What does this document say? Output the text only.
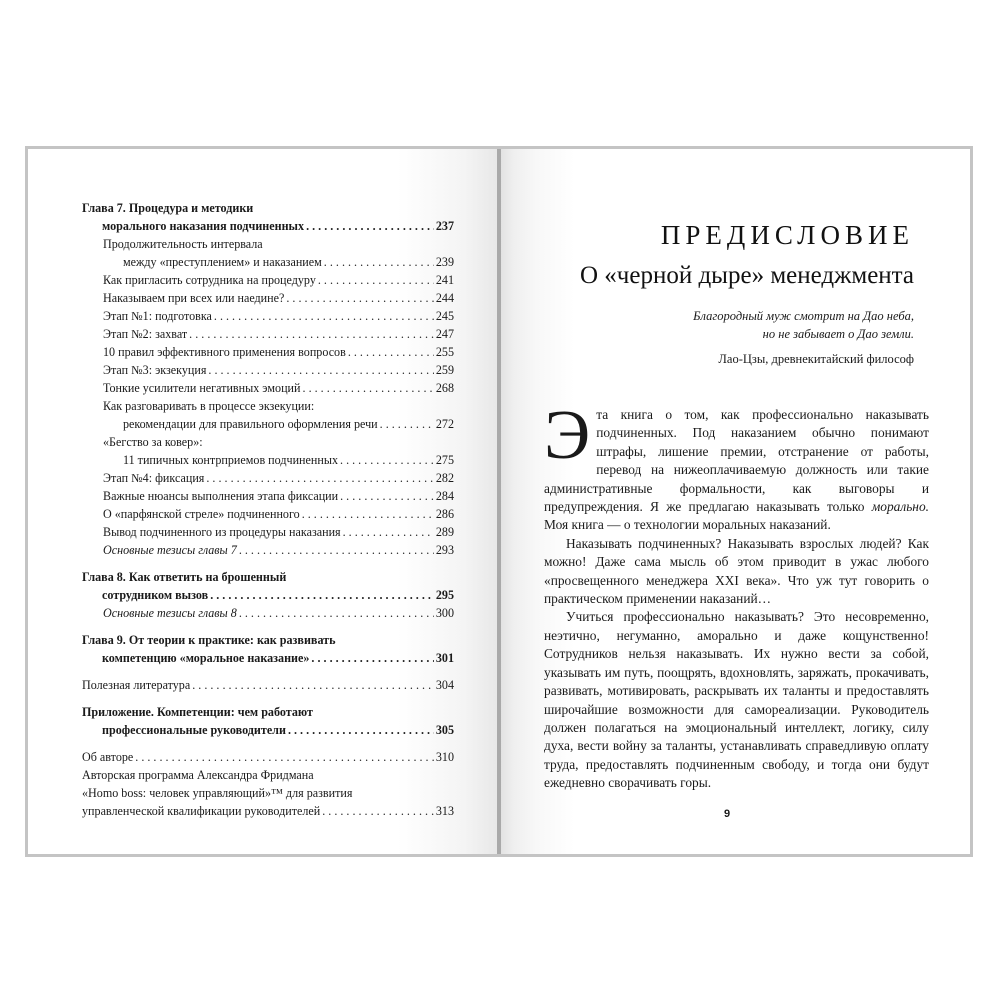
Глава 7. Процедура и методики
морального наказания подчиненных . . .	237
Продолжительность интервала
между «преступлением» и наказанием . . .	239
Как пригласить сотрудника на процедуру . . .	241
Наказываем при всех или наедине? . . .	244
Этап №1: подготовка . . .	245
Этап №2: захват . . .	247
10 правил эффективного применения вопросов . . .	255
Этап №3: экзекуция . . .	259
Тонкие усилители негативных эмоций . . .	268
Как разговаривать в процессе экзекуции:
рекомендации для правильного оформления речи . . .	272
«Бегство за ковер»:
11 типичных контрприемов подчиненных . . .	275
Этап №4: фиксация . . .	282
Важные нюансы выполнения этапа фиксации . . .	284
О «парфянской стреле» подчиненного . . .	286
Вывод подчиненного из процедуры наказания . . .	289
Основные тезисы главы 7 . . .	293
Глава 8. Как ответить на брошенный
сотрудником вызов . . .	295
Основные тезисы главы 8 . . .	300
Глава 9. От теории к практике: как развивать
компетенцию «моральное наказание» . . .	301
Полезная литература . . .	304
Приложение. Компетенции: чем работают
профессиональные руководители . . .	305
Об авторе . . .	310
Авторская программа Александра Фридмана
«Homo boss: человек управляющий»™ для развития
управленческой квалификации руководителей . . .	313
ПРЕДИСЛОВИЕ
О «черной дыре» менеджмента
Благородный муж смотрит на Дао неба,
но не забывает о Дао земли.
Лао-Цзы, древнекитайский философ

Эта книга о том, как профессионально наказывать подчиненных. Под наказанием обычно понимают штрафы, лишение премии, отстранение от работы, перевод на нижеоплачиваемую должность или такие административные формальности, как выговоры и предупреждения. Я же предлагаю наказывать только морально. Моя книга — о технологии моральных наказаний.

Наказывать подчиненных? Наказывать взрослых людей? Как можно! Даже сама мысль об этом приводит в ужас любого «просвещенного менеджера XXI века». Что уж тут говорить о практическом применении наказаний…

Учиться профессионально наказывать? Это несовременно, неэтично, негуманно, аморально и даже кощунственно! Сотрудников нельзя наказывать. Их нужно вести за собой, указывать им путь, поощрять, вдохновлять, заряжать, прокачивать, развивать, мотивировать, раскрывать их таланты и предоставлять широчайшие возможности для самореализации. Руководитель должен полагаться на эмоциональный интеллект, логику, силу духа, вести войну за таланты, устанавливать справедливую оплату труда, предоставлять подчиненным свободу, и тогда они будут ежедневно сворачивать горы.

9
